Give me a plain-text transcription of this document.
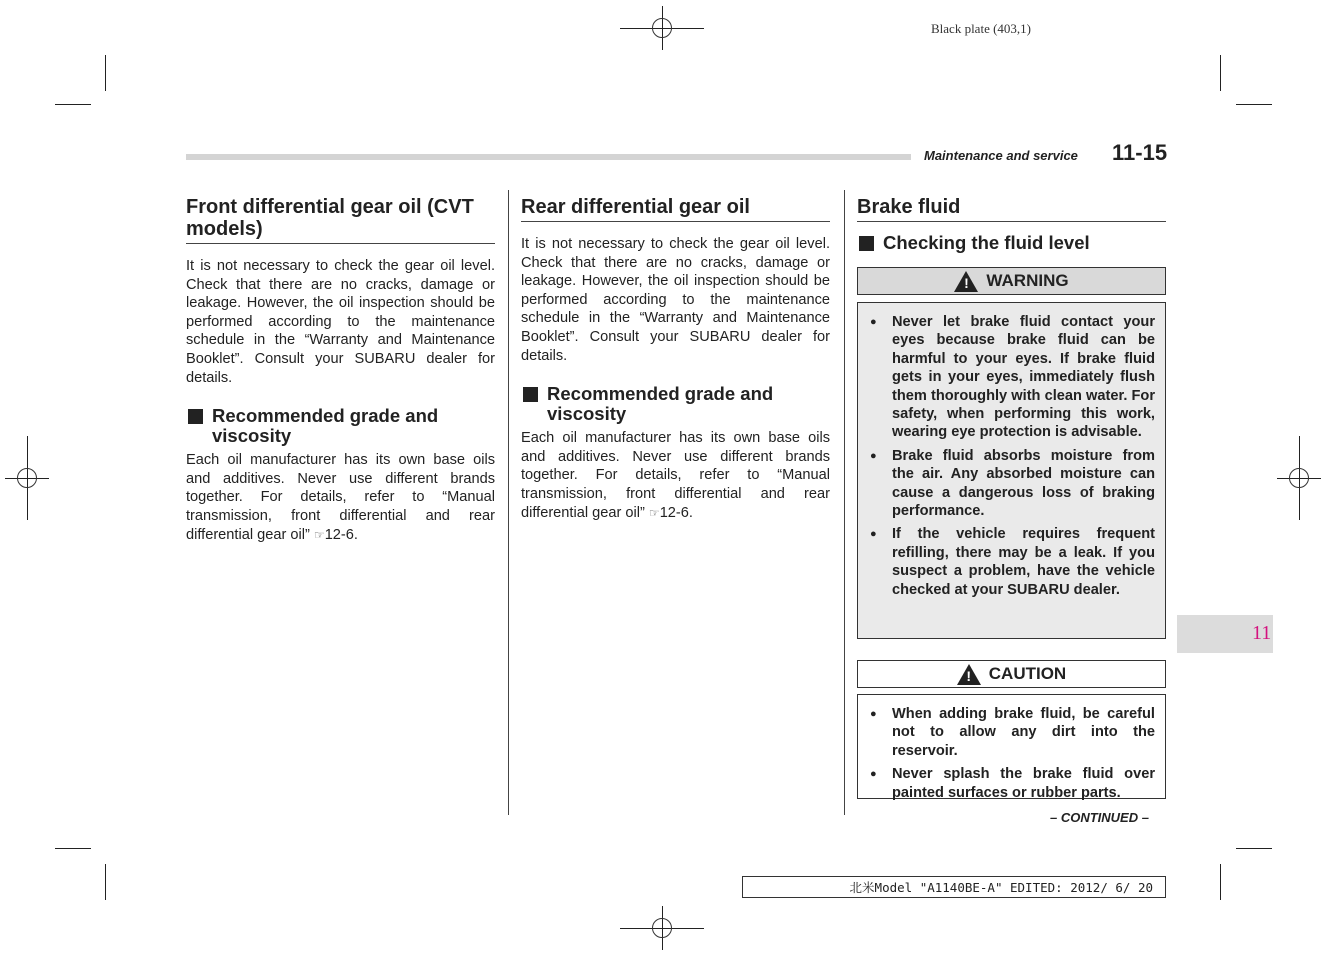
Black plate (403,1)
Maintenance and service 11-15
Front differential gear oil (CVT models)

It is not necessary to check the gear oil level. Check that there are no cracks, damage or leakage. However, the oil inspection should be performed according to the maintenance schedule in the “Warranty and Maintenance Booklet”. Consult your SUBARU dealer for details.

Recommended grade and viscosity

Each oil manufacturer has its own base oils and additives. Never use different brands together. For details, refer to “Manual transmission, front differential and rear differential gear oil” ☞12-6.

Rear differential gear oil

It is not necessary to check the gear oil level. Check that there are no cracks, damage or leakage. However, the oil inspection should be performed according to the maintenance schedule in the “Warranty and Maintenance Booklet”. Consult your SUBARU dealer for details.

Recommended grade and viscosity

Each oil manufacturer has its own base oils and additives. Never use different brands together. For details, refer to “Manual transmission, front differential and rear differential gear oil” ☞12-6.

Brake fluid
Checking the fluid level
! WARNING
● Never let brake fluid contact your eyes because brake fluid can be harmful to your eyes. If brake fluid gets in your eyes, immediately flush them thoroughly with clean water. For safety, when performing this work, wearing eye protection is advisable.
● Brake fluid absorbs moisture from the air. Any absorbed moisture can cause a dangerous loss of braking performance.
● If the vehicle requires frequent refilling, there may be a leak. If you suspect a problem, have the vehicle checked at your SUBARU dealer.
! CAUTION
● When adding brake fluid, be careful not to allow any dirt into the reservoir.
● Never splash the brake fluid over painted surfaces or rubber parts.
– CONTINUED –
11
北米Model "A1140BE-A" EDITED: 2012/ 6/ 20
